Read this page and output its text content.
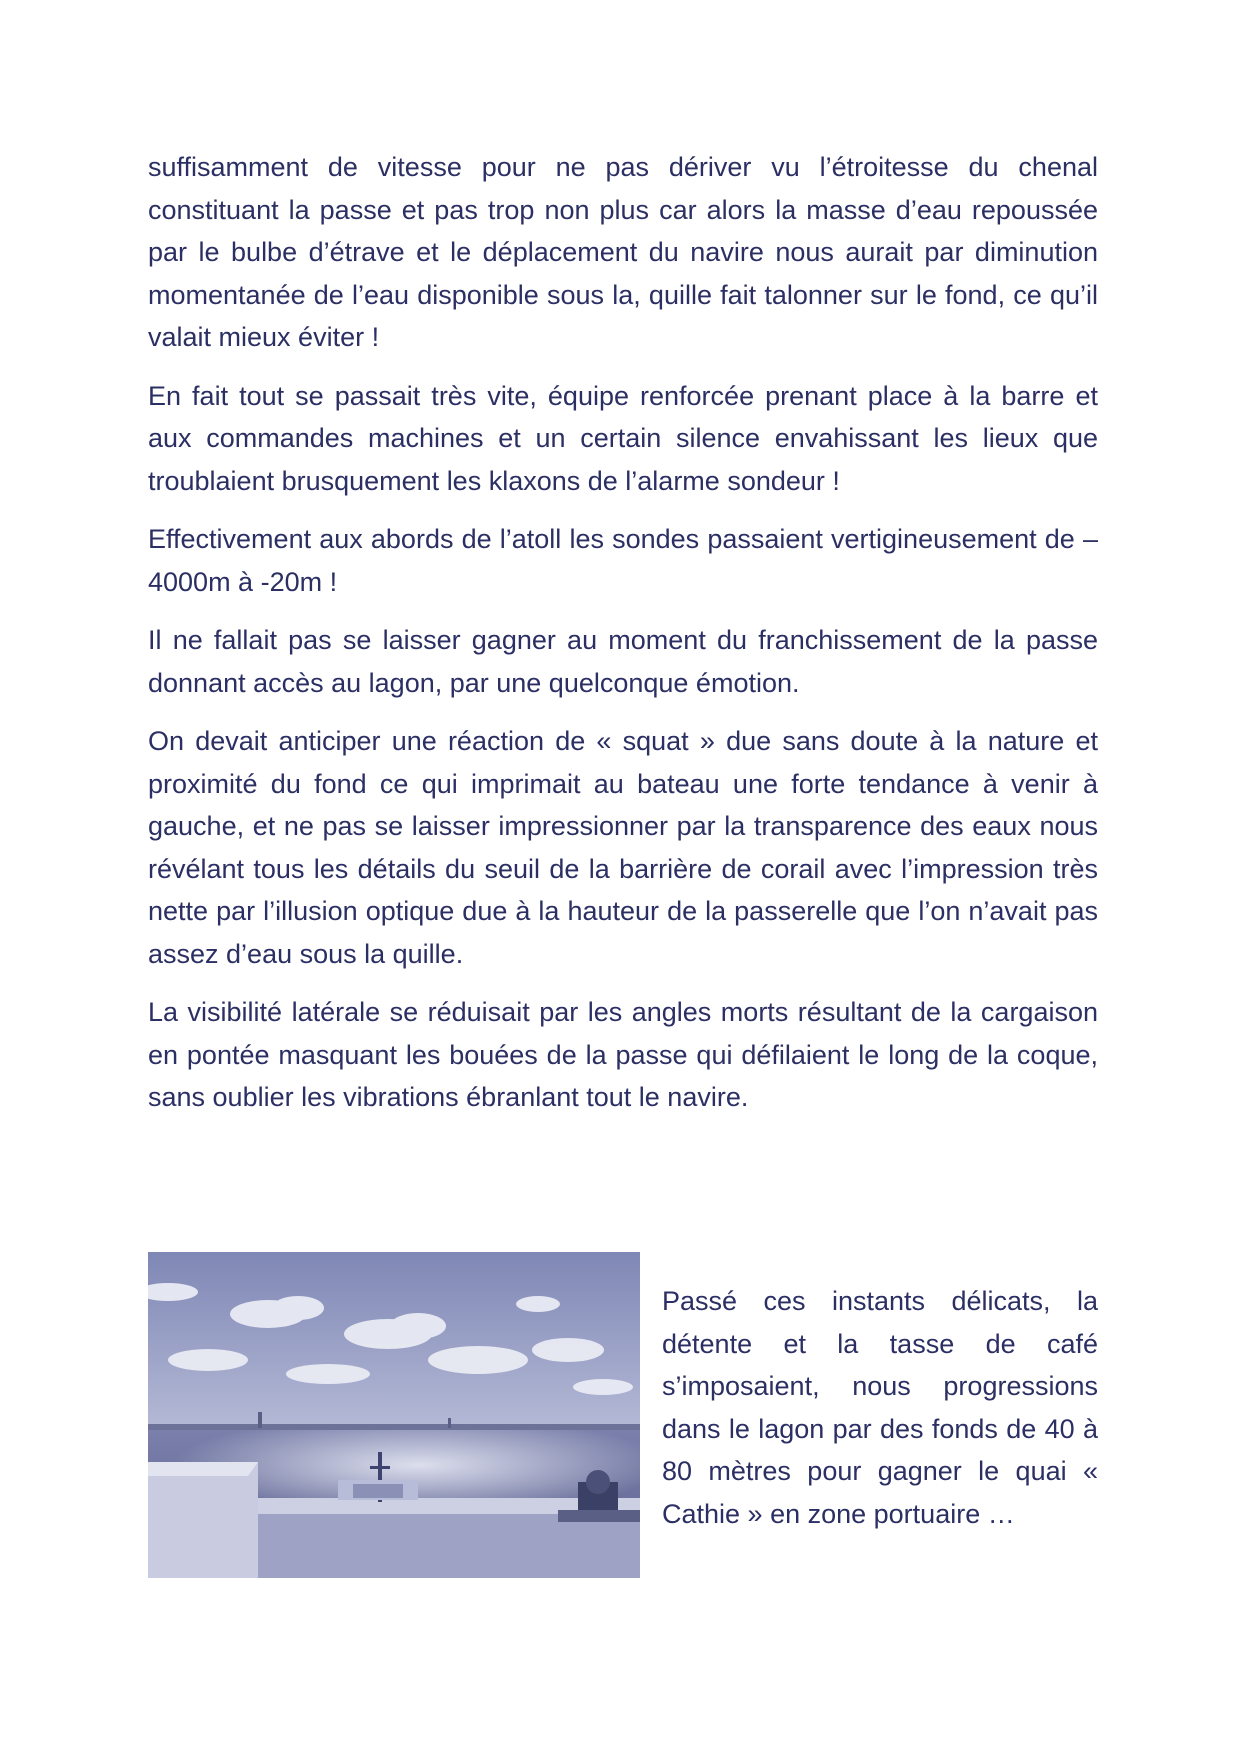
suffisamment de vitesse pour ne pas dériver vu l’étroitesse du chenal constituant la passe et pas trop non plus car alors la masse d’eau repoussée par le bulbe d’étrave et le déplacement du navire nous aurait par diminution momentanée de l’eau disponible sous la, quille fait talonner sur le fond, ce qu’il valait mieux éviter !

En fait tout se passait très vite, équipe renforcée prenant place à la barre et aux commandes machines et un certain silence envahissant les lieux que troublaient brusquement les klaxons de l’alarme sondeur !

Effectivement aux abords de l’atoll les sondes passaient vertigineusement de –4000m à -20m !

Il ne fallait pas se laisser gagner au moment du franchissement de la passe donnant accès au lagon, par une quelconque émotion.

On devait anticiper une réaction de « squat » due sans doute à la nature et proximité du fond ce qui imprimait au bateau une forte tendance à venir à gauche, et ne pas se laisser impressionner par la transparence des eaux nous révélant tous les détails du seuil de la barrière de corail avec l’impression très nette par l’illusion optique due à la hauteur de la passerelle que l’on n’avait pas assez d’eau sous la quille.

La visibilité latérale se réduisait par les angles morts résultant de la cargaison en pontée masquant les bouées de la passe qui défilaient le long de la coque, sans oublier les vibrations ébranlant tout le navire.

Passé ces instants délicats, la détente et la tasse de café s’imposaient, nous progressions dans le lagon par des fonds de 40 à 80 mètres pour gagner le quai « Cathie » en zone portuaire …
